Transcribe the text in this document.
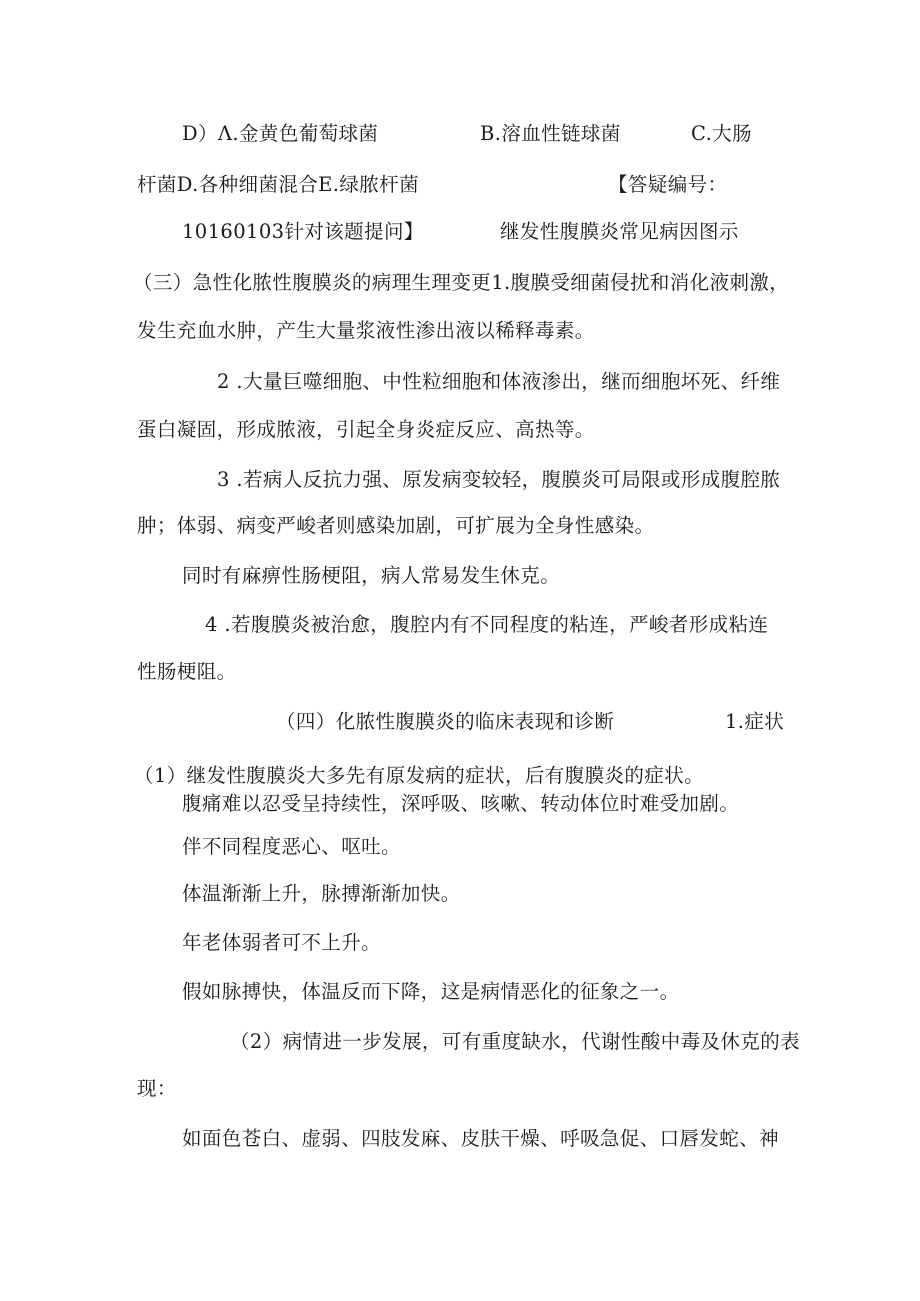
D）Λ.金黄色葡萄球菌	B.溶血性链球菌	C.大肠
杆菌D.各种细菌混合E.绿脓杆菌	【答疑编号：
10160103针对该题提问】	继发性腹膜炎常见病因图示
（三）急性化脓性腹膜炎的病理生理变更1.腹膜受细菌侵扰和消化液刺激，
发生充血水肿，产生大量浆液性渗出液以稀释毒素。
2 .大量巨噬细胞、中性粒细胞和体液渗出，继而细胞坏死、纤维
蛋白凝固，形成脓液，引起全身炎症反应、高热等。
3 .若病人反抗力强、原发病变较轻，腹膜炎可局限或形成腹腔脓
肿；体弱、病变严峻者则感染加剧，可扩展为全身性感染。
同时有麻痹性肠梗阻，病人常易发生休克。
4 .若腹膜炎被治愈，腹腔内有不同程度的粘连，严峻者形成粘连
性肠梗阻。
（四）化脓性腹膜炎的临床表现和诊断	1.症状
（1）继发性腹膜炎大多先有原发病的症状，后有腹膜炎的症状。
腹痛难以忍受呈持续性，深呼吸、咳嗽、转动体位时难受加剧。
伴不同程度恶心、呕吐。
体温渐渐上升，脉搏渐渐加快。
年老体弱者可不上升。
假如脉搏快，体温反而下降，这是病情恶化的征象之一。
（2）病情进一步发展，可有重度缺水，代谢性酸中毒及休克的表
现：
如面色苍白、虚弱、四肢发麻、皮肤干燥、呼吸急促、口唇发蛇、神
